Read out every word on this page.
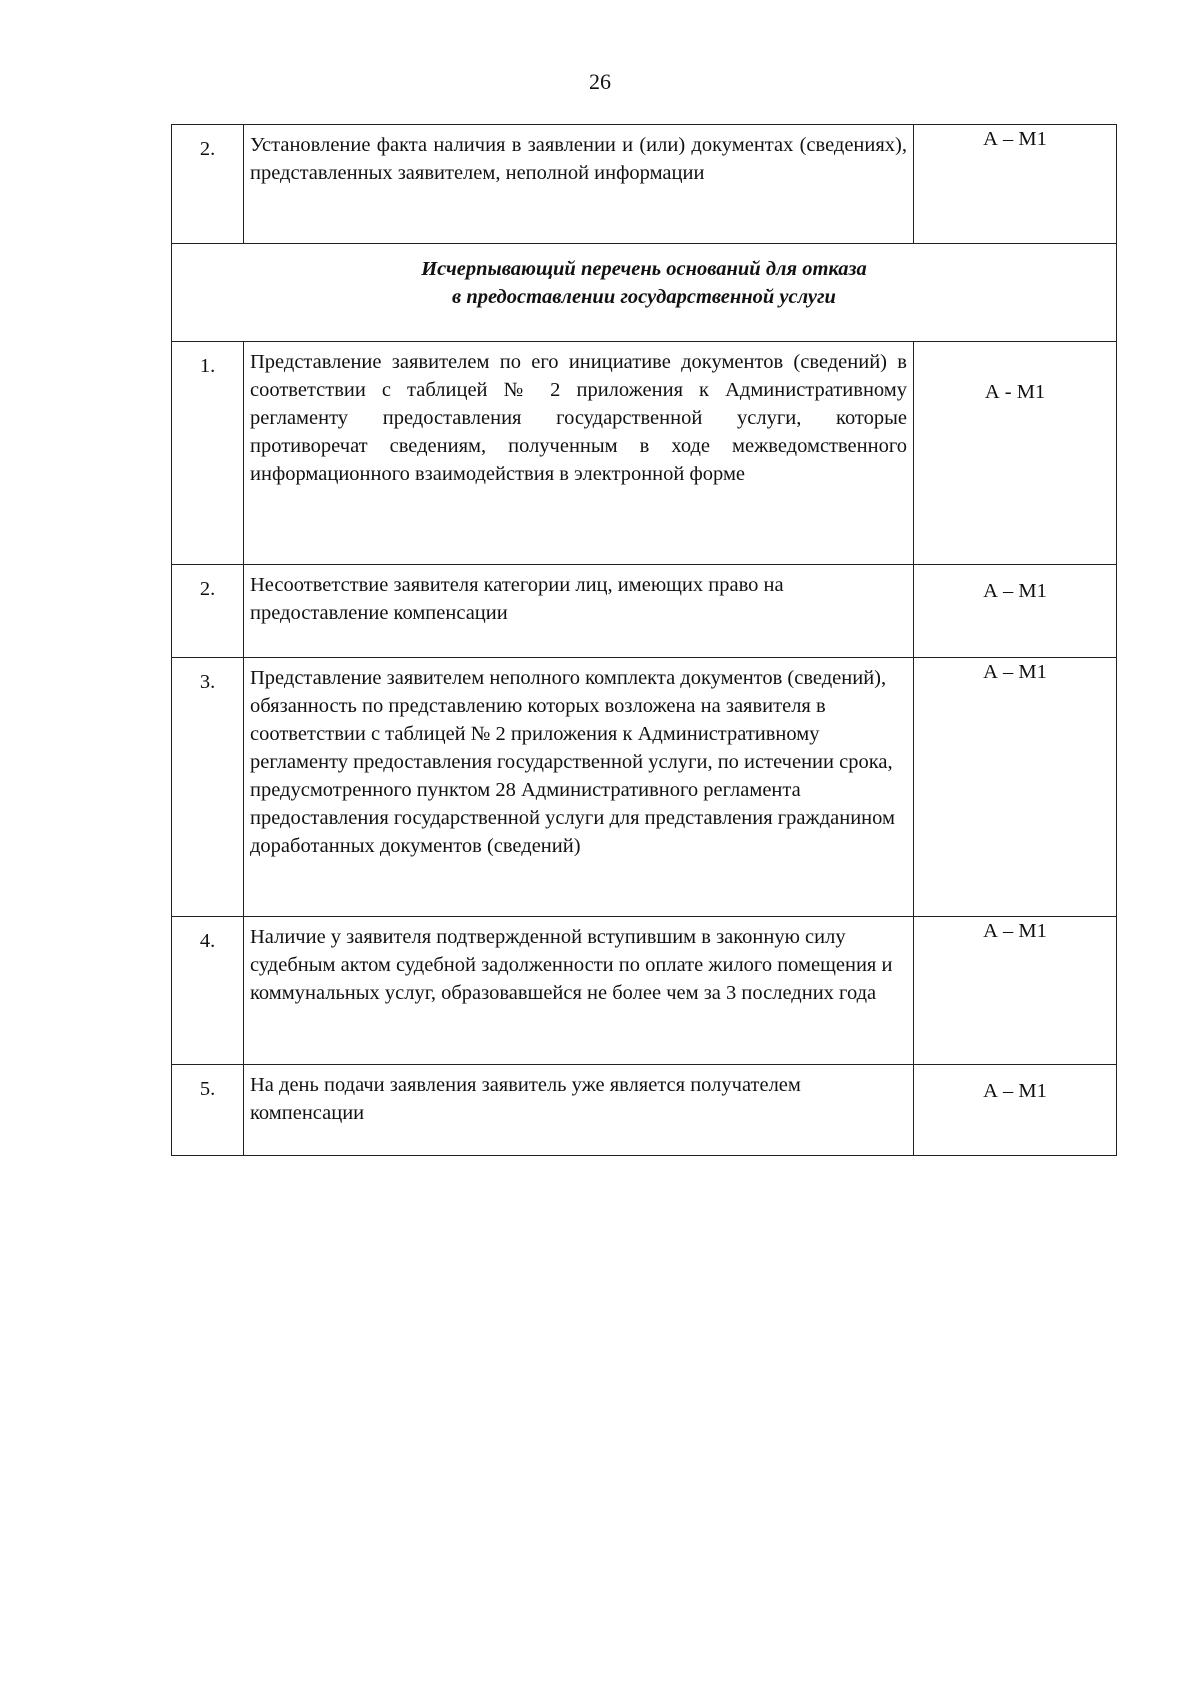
26
2.	Установление факта наличия в заявлении и (или) документах (сведениях), представленных заявителем, неполной информации	А – М1

Исчерпывающий перечень оснований для отказа
в предоставлении государственной услуги		

1.	Представление заявителем по его инициативе документов (сведений) в соответствии с таблицей № 2 приложения к Административному регламенту предоставления государственной услуги, которые противоречат сведениям, полученным в ходе межведомственного информационного взаимодействия в электронной форме	А - М1
2.	Несоответствие заявителя категории лиц, имеющих право на предоставление компенсации	А – М1
3.	Представление заявителем неполного комплекта документов (сведений), обязанность по представлению которых возложена на заявителя в соответствии с таблицей № 2 приложения к Административному регламенту предоставления государственной услуги, по истечении срока, предусмотренного пунктом 28 Административного регламента предоставления государственной услуги для представления гражданином доработанных документов (сведений)	А – М1
4.	Наличие у заявителя подтвержденной вступившим в законную силу судебным актом судебной задолженности по оплате жилого помещения и коммунальных услуг, образовавшейся не более чем за 3 последних года	А – М1
5.	На день подачи заявления заявитель уже является получателем компенсации	А – М1
